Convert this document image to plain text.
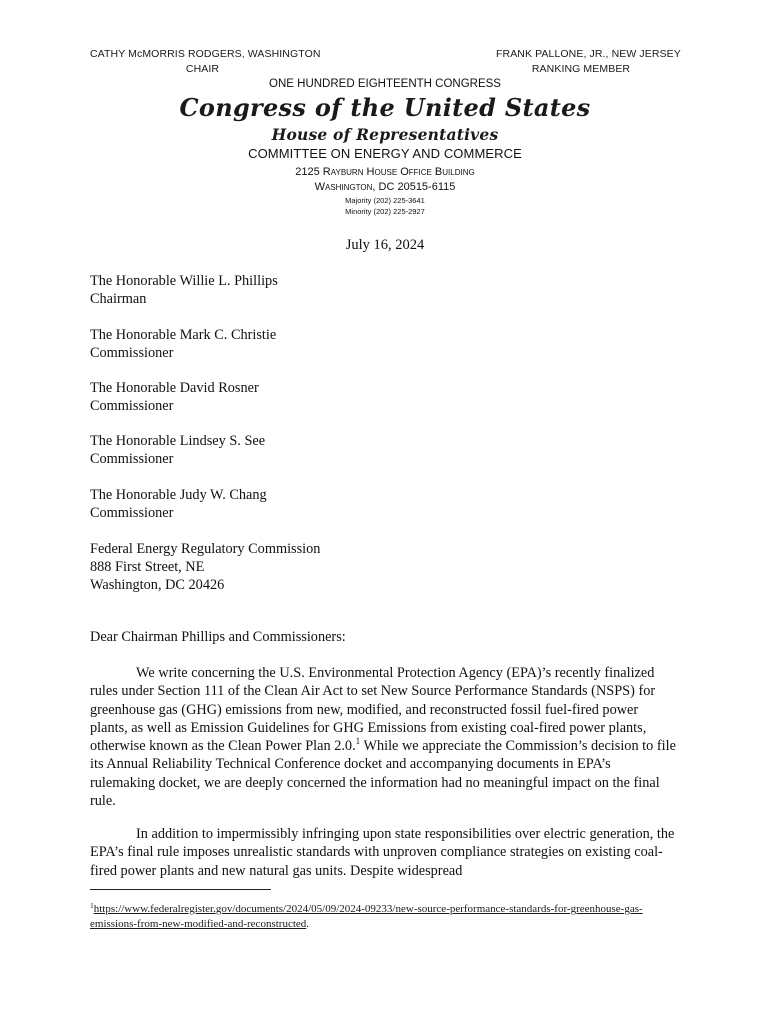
CATHY McMORRIS RODGERS, WASHINGTON
CHAIR
FRANK PALLONE, JR., NEW JERSEY
RANKING MEMBER
ONE HUNDRED EIGHTEENTH CONGRESS
Congress of the United States
House of Representatives
COMMITTEE ON ENERGY AND COMMERCE
2125 Rayburn House Office Building
Washington, DC 20515-6115
Majority (202) 225-3641
Minority (202) 225-2927
July 16, 2024
The Honorable Willie L. Phillips
Chairman
The Honorable Mark C. Christie
Commissioner
The Honorable David Rosner
Commissioner
The Honorable Lindsey S. See
Commissioner
The Honorable Judy W. Chang
Commissioner
Federal Energy Regulatory Commission
888 First Street, NE
Washington, DC 20426
Dear Chairman Phillips and Commissioners:
We write concerning the U.S. Environmental Protection Agency (EPA)’s recently finalized rules under Section 111 of the Clean Air Act to set New Source Performance Standards (NSPS) for greenhouse gas (GHG) emissions from new, modified, and reconstructed fossil fuel-fired power plants, as well as Emission Guidelines for GHG Emissions from existing coal-fired power plants, otherwise known as the Clean Power Plan 2.0.$^1$ While we appreciate the Commission’s decision to file its Annual Reliability Technical Conference docket and accompanying documents in EPA’s rulemaking docket, we are deeply concerned the information had no meaningful impact on the final rule.
In addition to impermissibly infringing upon state responsibilities over electric generation, the EPA’s final rule imposes unrealistic standards with unproven compliance strategies on existing coal-fired power plants and new natural gas units. Despite widespread
$^1$https://www.federalregister.gov/documents/2024/05/09/2024-09233/new-source-performance-standards-for-greenhouse-gas-emissions-from-new-modified-and-reconstructed.
